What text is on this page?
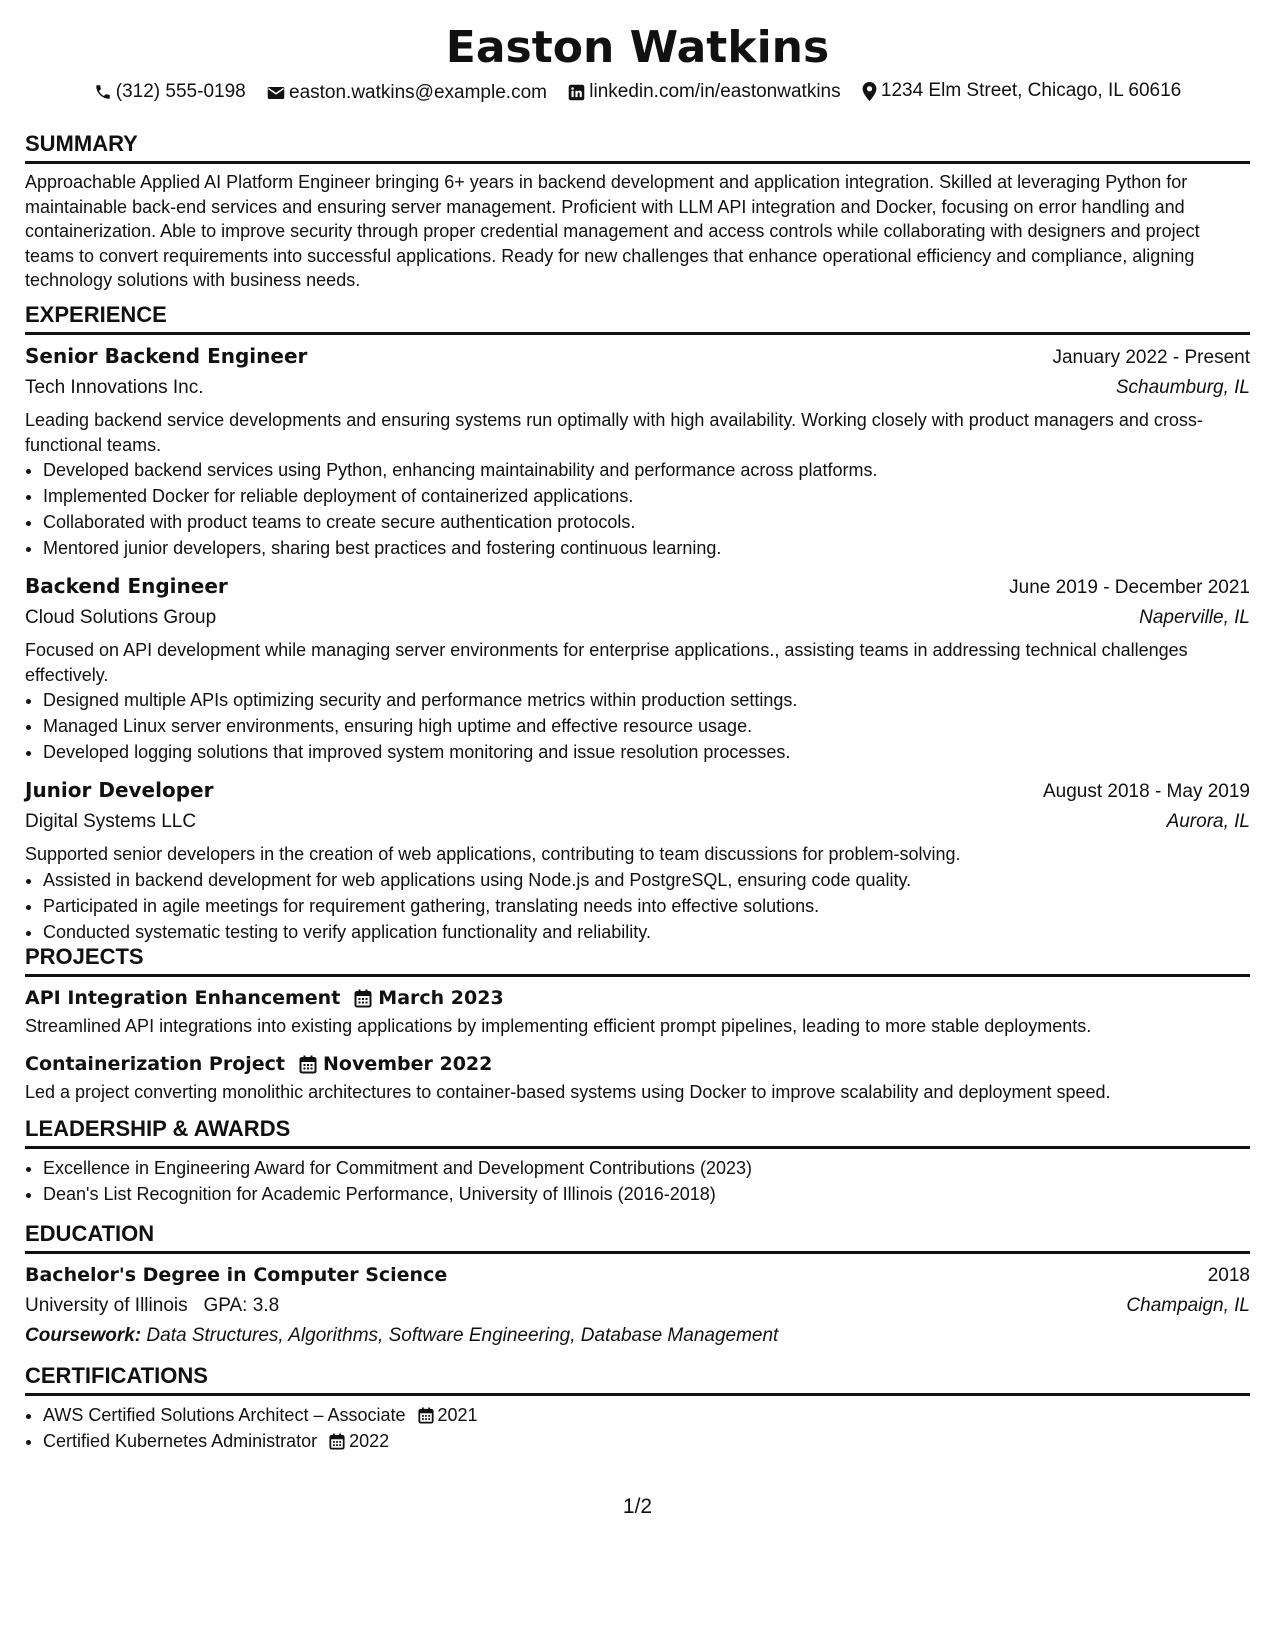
Easton Watkins
(312) 555-0198
easton.watkins@example.com
linkedin.com/in/eastonwatkins
1234 Elm Street, Chicago, IL 60616
SUMMARY
Approachable Applied AI Platform Engineer bringing 6+ years in backend development and application integration. Skilled at leveraging Python for maintainable back-end services and ensuring server management. Proficient with LLM API integration and Docker, focusing on error handling and containerization. Able to improve security through proper credential management and access controls while collaborating with designers and project teams to convert requirements into successful applications. Ready for new challenges that enhance operational efficiency and compliance, aligning technology solutions with business needs.
EXPERIENCE
Senior Backend Engineer	January 2022 - Present
Tech Innovations Inc.	Schaumburg, IL
Leading backend service developments and ensuring systems run optimally with high availability. Working closely with product managers and cross-functional teams.
• Developed backend services using Python, enhancing maintainability and performance across platforms.
• Implemented Docker for reliable deployment of containerized applications.
• Collaborated with product teams to create secure authentication protocols.
• Mentored junior developers, sharing best practices and fostering continuous learning.
Backend Engineer	June 2019 - December 2021
Cloud Solutions Group	Naperville, IL
Focused on API development while managing server environments for enterprise applications., assisting teams in addressing technical challenges effectively.
• Designed multiple APIs optimizing security and performance metrics within production settings.
• Managed Linux server environments, ensuring high uptime and effective resource usage.
• Developed logging solutions that improved system monitoring and issue resolution processes.
Junior Developer	August 2018 - May 2019
Digital Systems LLC	Aurora, IL
Supported senior developers in the creation of web applications, contributing to team discussions for problem-solving.
• Assisted in backend development for web applications using Node.js and PostgreSQL, ensuring code quality.
• Participated in agile meetings for requirement gathering, translating needs into effective solutions.
• Conducted systematic testing to verify application functionality and reliability.
PROJECTS
API Integration Enhancement March 2023
Streamlined API integrations into existing applications by implementing efficient prompt pipelines, leading to more stable deployments.
Containerization Project November 2022
Led a project converting monolithic architectures to container-based systems using Docker to improve scalability and deployment speed.
LEADERSHIP & AWARDS
• Excellence in Engineering Award for Commitment and Development Contributions (2023)
• Dean's List Recognition for Academic Performance, University of Illinois (2016-2018)
EDUCATION
Bachelor's Degree in Computer Science	2018
University of Illinois GPA: 3.8	Champaign, IL
Coursework: Data Structures, Algorithms, Software Engineering, Database Management
CERTIFICATIONS
• AWS Certified Solutions Architect – Associate 2021
• Certified Kubernetes Administrator 2022
1/2
